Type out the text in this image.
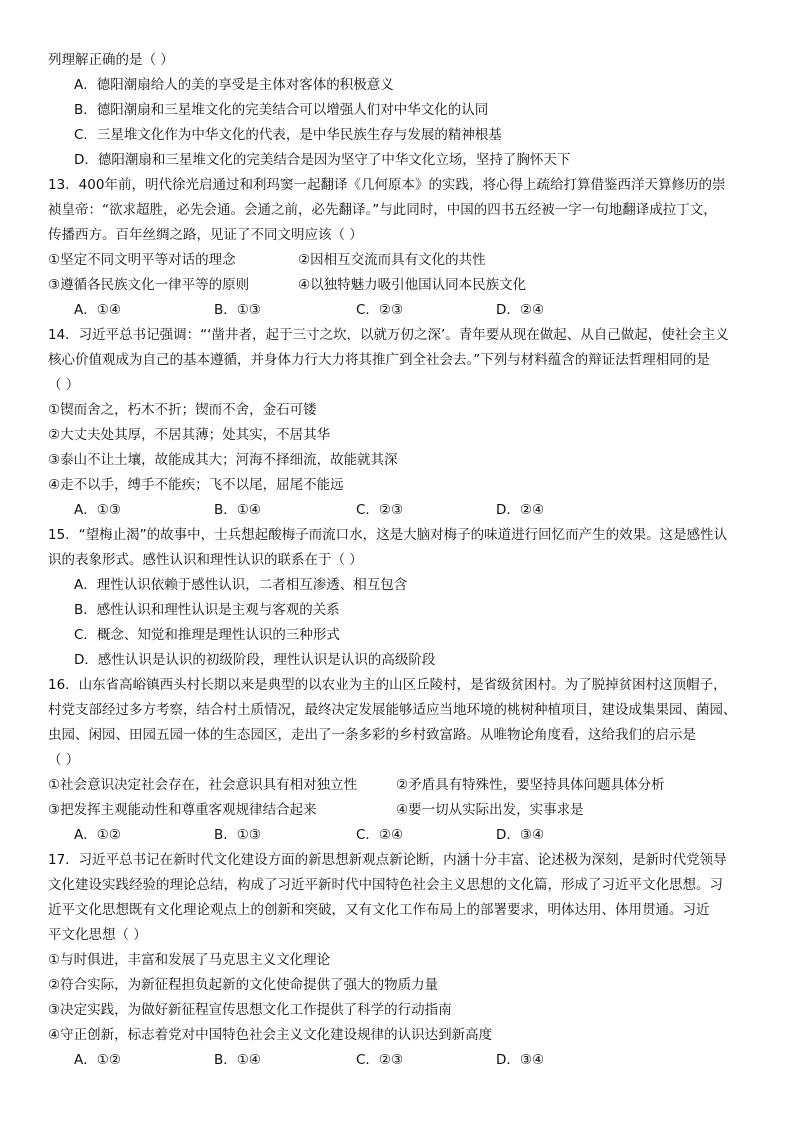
列理解正确的是（ ）
A．德阳潮扇给人的美的享受是主体对客体的积极意义
B．德阳潮扇和三星堆文化的完美结合可以增强人们对中华文化的认同
C．三星堆文化作为中华文化的代表，是中华民族生存与发展的精神根基
D．德阳潮扇和三星堆文化的完美结合是因为坚守了中华文化立场，坚持了胸怀天下
13．400年前，明代徐光启通过和利玛窦一起翻译《几何原本》的实践，将心得上疏给打算借鉴西洋天算修历的崇
祯皇帝：“欲求超胜，必先会通。会通之前，必先翻译。”与此同时，中国的四书五经被一字一句地翻译成拉丁文，
传播西方。百年丝绸之路，见证了不同文明应该（ ）
①坚定不同文明平等对话的理念	②因相互交流而具有文化的共性
③遵循各民族文化一律平等的原则	④以独特魅力吸引他国认同本民族文化
A．①④	B．①③	C．②③	D．②④
14．习近平总书记强调：“‘凿井者，起于三寸之坎，以就万仞之深’。青年要从现在做起、从自己做起，使社会主义
核心价值观成为自己的基本遵循，并身体力行大力将其推广到全社会去。”下列与材料蕴含的辩证法哲理相同的是
（ ）
①锲而舍之，朽木不折；锲而不舍，金石可镂
②大丈夫处其厚，不居其薄；处其实，不居其华
③泰山不让土壤，故能成其大；河海不择细流，故能就其深
④走不以手，缚手不能疾；飞不以尾，屈尾不能远
A．①③	B．①④	C．②③	D．②④
15．“望梅止渴”的故事中，士兵想起酸梅子而流口水，这是大脑对梅子的味道进行回忆而产生的效果。这是感性认
识的表象形式。感性认识和理性认识的联系在于（ ）
A．理性认识依赖于感性认识，二者相互渗透、相互包含
B．感性认识和理性认识是主观与客观的关系
C．概念、知觉和推理是理性认识的三种形式
D．感性认识是认识的初级阶段，理性认识是认识的高级阶段
16．山东省高峪镇西头村长期以来是典型的以农业为主的山区丘陵村，是省级贫困村。为了脱掉贫困村这顶帽子，
村党支部经过多方考察，结合村土质情况，最终决定发展能够适应当地环境的桃树种植项目，建设成集果园、菌园、
虫园、闲园、田园五园一体的生态园区，走出了一条多彩的乡村致富路。从唯物论角度看，这给我们的启示是
（ ）
①社会意识决定社会存在，社会意识具有相对独立性	②矛盾具有特殊性，要坚持具体问题具体分析
③把发挥主观能动性和尊重客观规律结合起来	④要一切从实际出发，实事求是
A．①②	B．①③	C．②④	D．③④
17．习近平总书记在新时代文化建设方面的新思想新观点新论断，内涵十分丰富、论述极为深刻，是新时代党领导
文化建设实践经验的理论总结，构成了习近平新时代中国特色社会主义思想的文化篇，形成了习近平文化思想。习
近平文化思想既有文化理论观点上的创新和突破，又有文化工作布局上的部署要求，明体达用、体用贯通。习近
平文化思想（ ）
①与时俱进，丰富和发展了马克思主义文化理论
②符合实际，为新征程担负起新的文化使命提供了强大的物质力量
③决定实践，为做好新征程宣传思想文化工作提供了科学的行动指南
④守正创新，标志着党对中国特色社会主义文化建设规律的认识达到新高度
A．①②	B．①④	C．②③	D．③④
